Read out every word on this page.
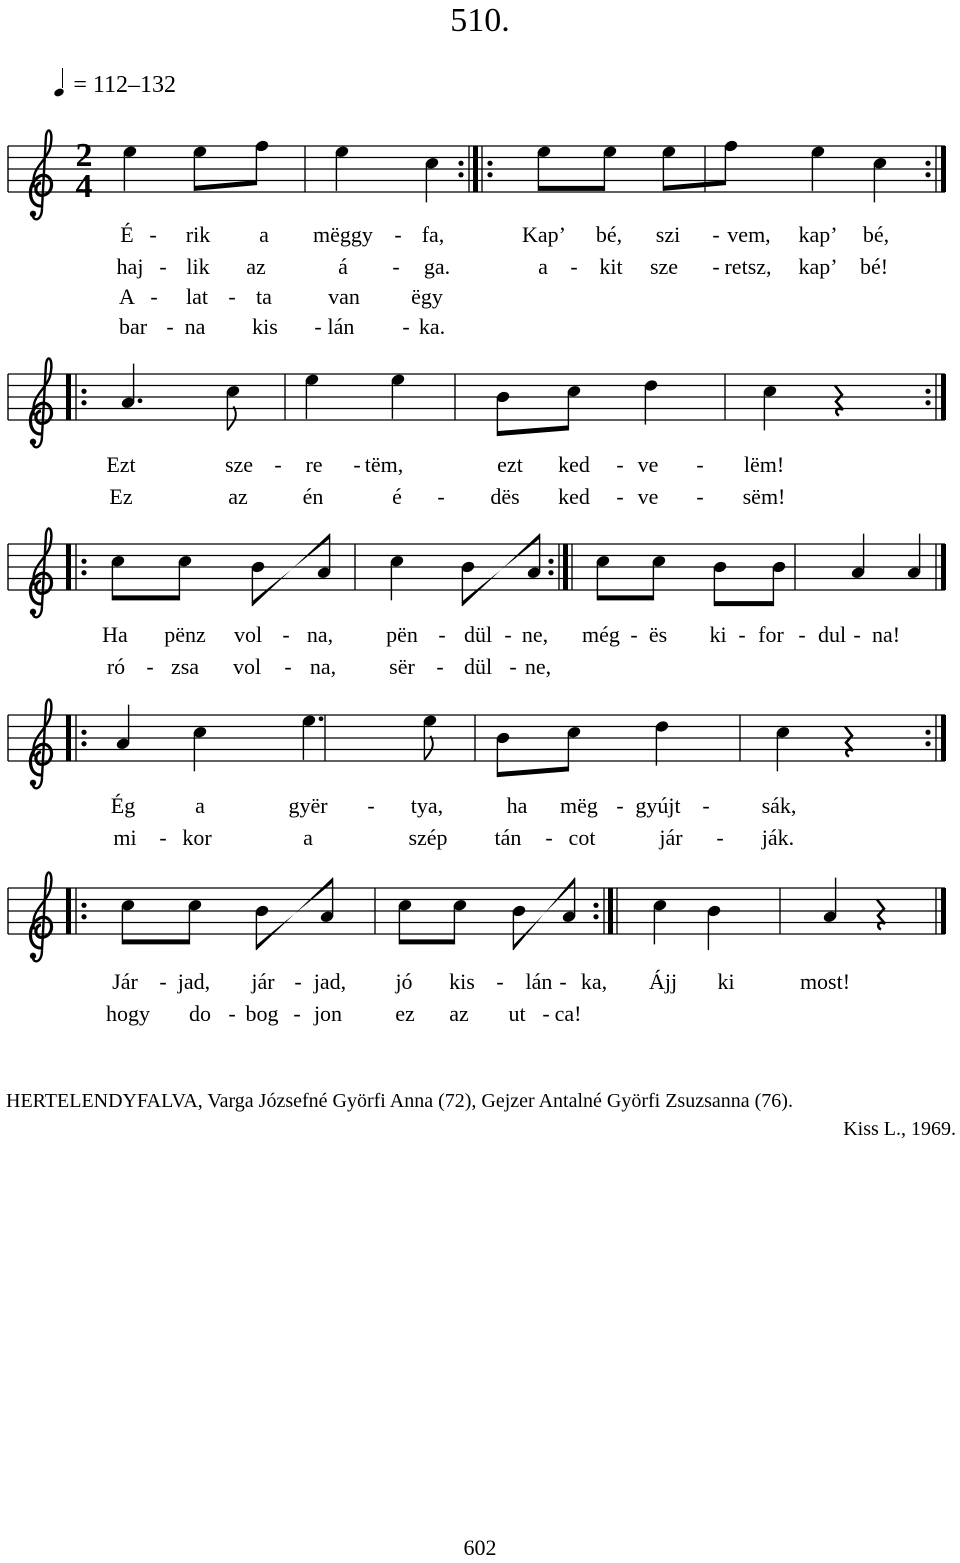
510.
= 112–132
2
4
É - rik a mëggy - fa,	Kap’ bé, szi - vem, kap’ bé,
haj - lik az	á - ga.	a - kit sze - retsz, kap’ bé!
A - lat - ta	van ëgy
bar - na kis - lán - ka.
Ezt	sze - re - tëm,	ezt ked - ve - lëm!
Ez	az én	é - dës ked - ve - sëm!
Ha pënz vol - na, pën - dül - ne, még - ës ki - for - dul - na!
ró - zsa vol - na, sër - dül - ne,
Ég	a	gyër - tya,	ha mëg - gyújt - sák,
mi - kor	a	szép tán - cot	jár - ják.
Jár - jad, jár - jad, jó kis - lán - ka, Ájj ki	most!
hogy do - bog - jon ez az ut - ca!
HERTELENDYFALVA, Varga Józsefné Györfi Anna (72), Gejzer Antalné Györfi Zsuzsanna (76).
Kiss L., 1969.
602
